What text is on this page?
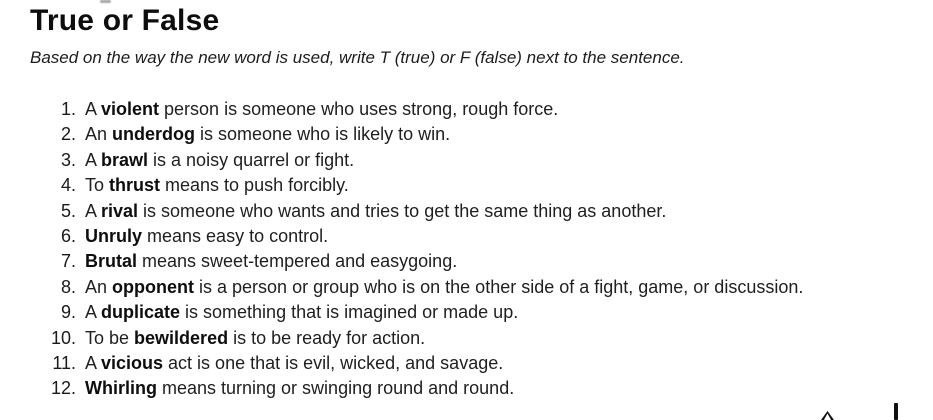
True or False

Based on the way the new word is used, write T (true) or F (false) next to the sentence.

1. A violent person is someone who uses strong, rough force.
2. An underdog is someone who is likely to win.
3. A brawl is a noisy quarrel or fight.
4. To thrust means to push forcibly.
5. A rival is someone who wants and tries to get the same thing as another.
6. Unruly means easy to control.
7. Brutal means sweet-tempered and easygoing.
8. An opponent is a person or group who is on the other side of a fight, game, or discussion.
9. A duplicate is something that is imagined or made up.
10. To be bewildered is to be ready for action.
11. A vicious act is one that is evil, wicked, and savage.
12. Whirling means turning or swinging round and round.
